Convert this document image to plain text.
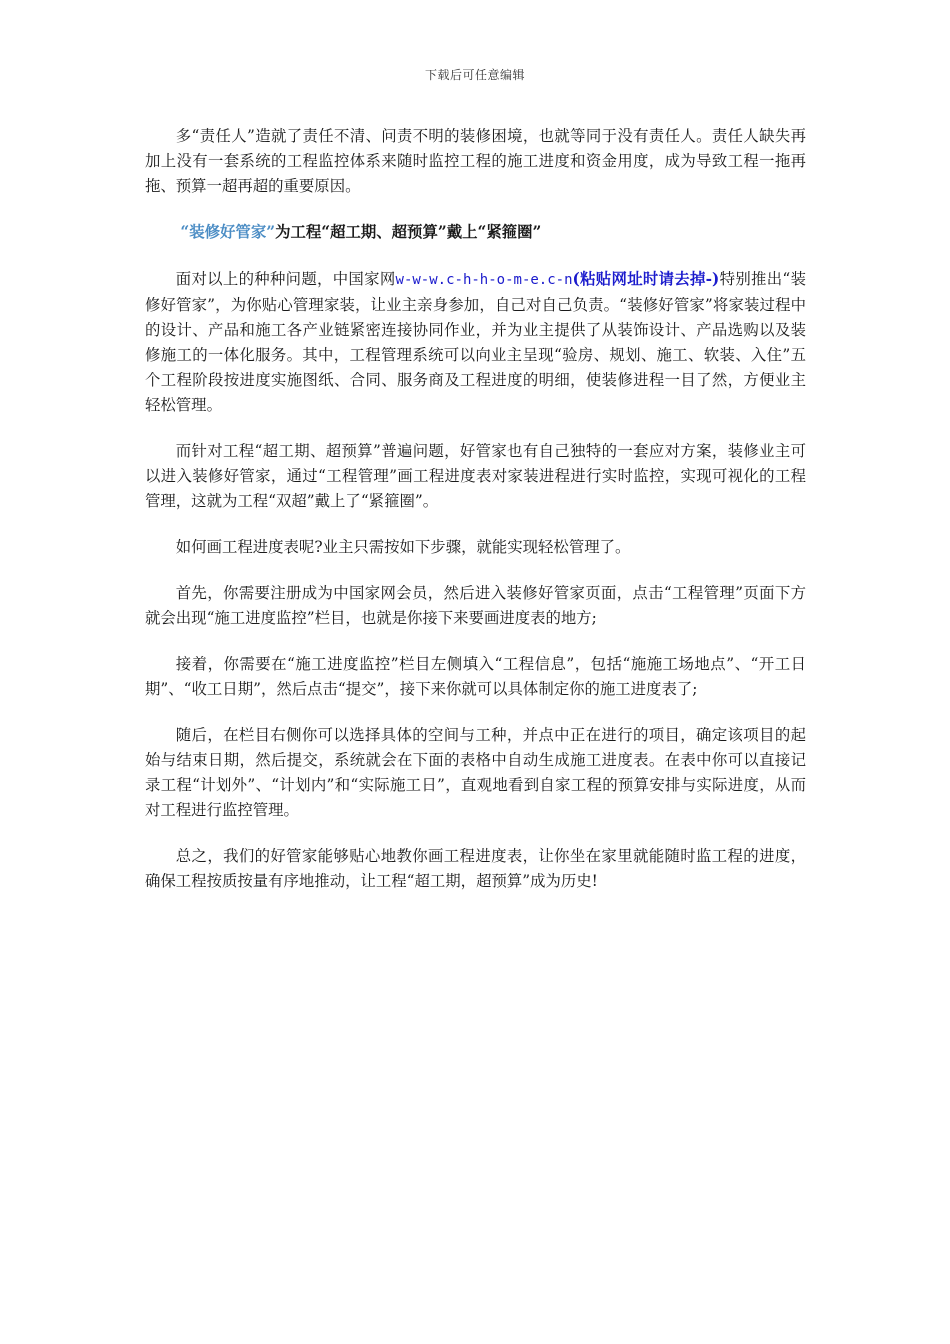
下载后可任意编辑

多“责任人”造就了责任不清、问责不明的装修困境，也就等同于没有责任人。责任人缺失再加上没有一套系统的工程监控体系来随时监控工程的施工进度和资金用度，成为导致工程一拖再拖、预算一超再超的重要原因。

“装修好管家”为工程“超工期、超预算”戴上“紧箍圈”

面对以上的种种问题，中国家网w-w-w.c-h-h-o-m-e.c-n(粘贴网址时请去掉-)特别推出“装修好管家”，为你贴心管理家装，让业主亲身参加，自己对自己负责。“装修好管家”将家装过程中的设计、产品和施工各产业链紧密连接协同作业，并为业主提供了从装饰设计、产品选购以及装修施工的一体化服务。其中，工程管理系统可以向业主呈现“验房、规划、施工、软装、入住”五个工程阶段按进度实施图纸、合同、服务商及工程进度的明细，使装修进程一目了然，方便业主轻松管理。

而针对工程“超工期、超预算”普遍问题，好管家也有自己独特的一套应对方案，装修业主可以进入装修好管家，通过“工程管理”画工程进度表对家装进程进行实时监控，实现可视化的工程管理，这就为工程“双超”戴上了“紧箍圈”。

如何画工程进度表呢?业主只需按如下步骤，就能实现轻松管理了。

首先，你需要注册成为中国家网会员，然后进入装修好管家页面，点击“工程管理”页面下方就会出现“施工进度监控”栏目，也就是你接下来要画进度表的地方;

接着，你需要在“施工进度监控”栏目左侧填入“工程信息”，包括“施施工场地点”、“开工日期”、“收工日期”，然后点击“提交”，接下来你就可以具体制定你的施工进度表了;

随后，在栏目右侧你可以选择具体的空间与工种，并点中正在进行的项目，确定该项目的起始与结束日期，然后提交，系统就会在下面的表格中自动生成施工进度表。在表中你可以直接记录工程“计划外”、“计划内”和“实际施工日”，直观地看到自家工程的预算安排与实际进度，从而对工程进行监控管理。

总之，我们的好管家能够贴心地教你画工程进度表，让你坐在家里就能随时监工程的进度，确保工程按质按量有序地推动，让工程“超工期，超预算”成为历史!
